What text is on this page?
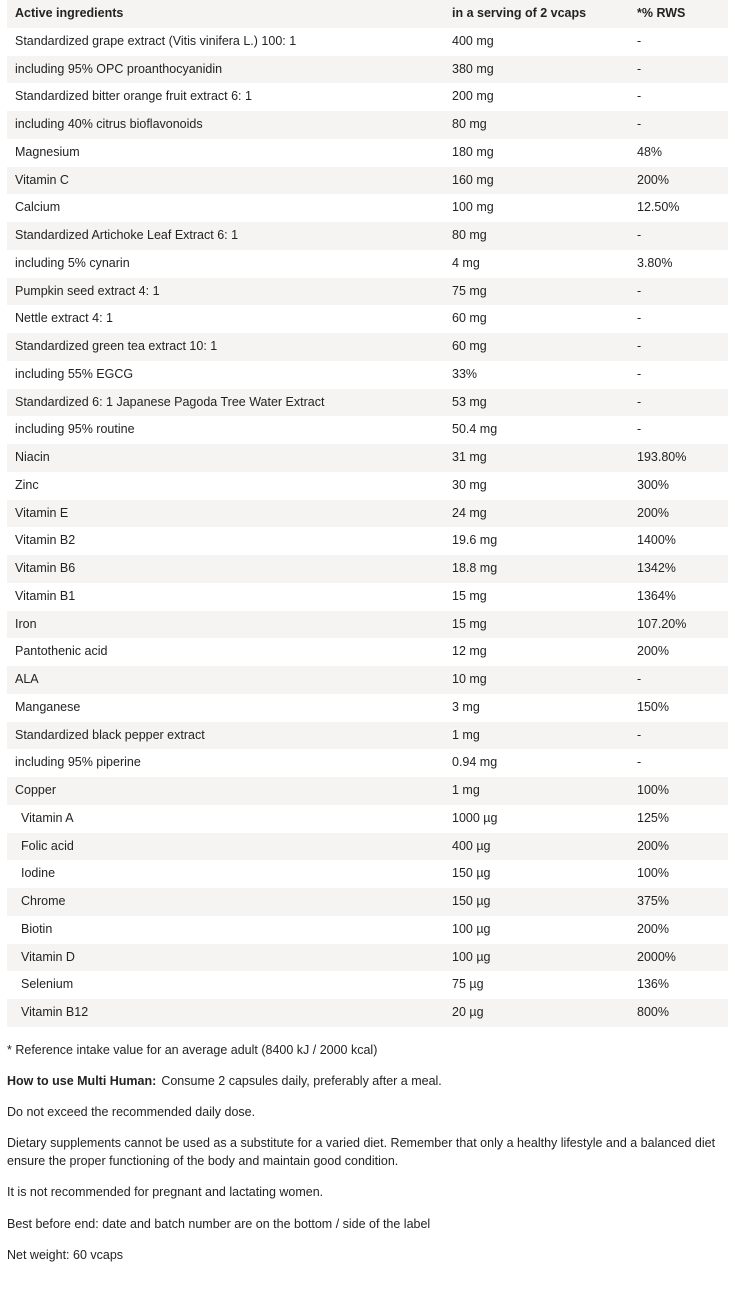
Active ingredients	in a serving of 2 vcaps	*% RWS
Standardized grape extract (Vitis vinifera L.) 100: 1	400 mg	-
including 95% OPC proanthocyanidin	380 mg	-
Standardized bitter orange fruit extract 6: 1	200 mg	-
including 40% citrus bioflavonoids	80 mg	-
Magnesium	180 mg	48%
Vitamin C	160 mg	200%
Calcium	100 mg	12.50%
Standardized Artichoke Leaf Extract 6: 1	80 mg	-
including 5% cynarin	4 mg	3.80%
Pumpkin seed extract 4: 1	75 mg	-
Nettle extract 4: 1	60 mg	-
Standardized green tea extract 10: 1	60 mg	-
including 55% EGCG	33%	-
Standardized 6: 1 Japanese Pagoda Tree Water Extract	53 mg	-
including 95% routine	50.4 mg	-
Niacin	31 mg	193.80%
Zinc	30 mg	300%
Vitamin E	24 mg	200%
Vitamin B2	19.6 mg	1400%
Vitamin B6	18.8 mg	1342%
Vitamin B1	15 mg	1364%
Iron	15 mg	107.20%
Pantothenic acid	12 mg	200%
ALA	10 mg	-
Manganese	3 mg	150%
Standardized black pepper extract	1 mg	-
including 95% piperine	0.94 mg	-
Copper	1 mg	100%
Vitamin A	1000 µg	125%
Folic acid	400 µg	200%
Iodine	150 µg	100%
Chrome	150 µg	375%
Biotin	100 µg	200%
Vitamin D	100 µg	2000%
Selenium	75 µg	136%
Vitamin B12	20 µg	800%

* Reference intake value for an average adult (8400 kJ / 2000 kcal)

How to use Multi Human: Consume 2 capsules daily, preferably after a meal.

Do not exceed the recommended daily dose.

Dietary supplements cannot be used as a substitute for a varied diet. Remember that only a healthy lifestyle and a balanced diet ensure the proper functioning of the body and maintain good condition.

It is not recommended for pregnant and lactating women.

Best before end: date and batch number are on the bottom / side of the label

Net weight: 60 vcaps
